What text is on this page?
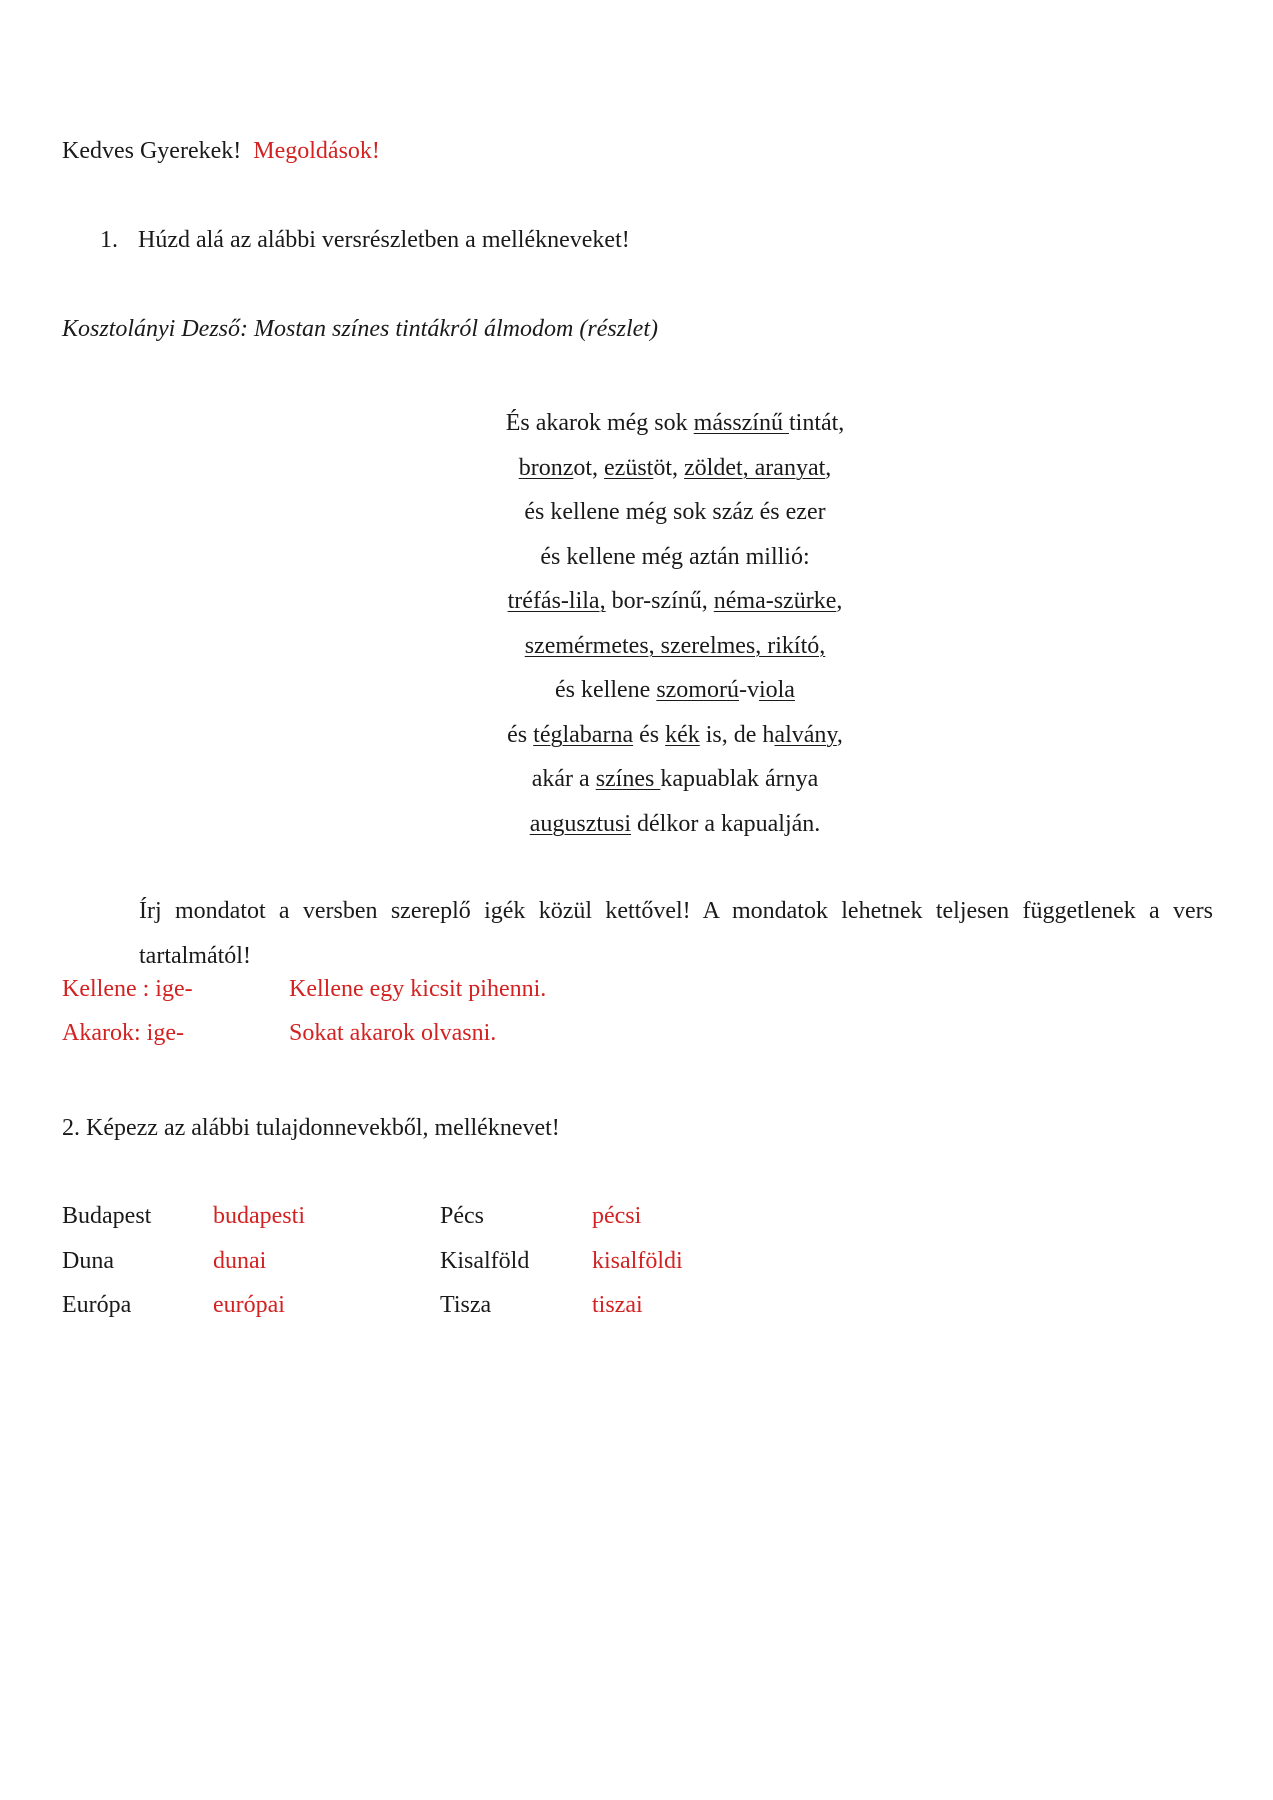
Kedves Gyerekek! Megoldások!
1. Húzd alá az alábbi versrészletben a mellékneveket!
Kosztolányi Dezső: Mostan színes tintákról álmodom (részlet)
És akarok még sok másszínű tintát,
bronzot, ezüstöt, zöldet, aranyat,
és kellene még sok száz és ezer
és kellene még aztán millió:
tréfás-lila, bor-színű, néma-szürke,
szemérmetes, szerelmes, rikító,
és kellene szomorú-viola
és téglabarna és kék is, de halvány,
akár a színes kapuablak árnya
augusztusi délkor a kapualján.
Írj mondatot a versben szereplő igék közül kettővel! A mondatok lehetnek teljesen függetlenek a vers tartalmától!
Kellene : ige-	Kellene egy kicsit pihenni.
Akarok: ige-	Sokat akarok olvasni.
2. Képezz az alábbi tulajdonnevekből, melléknevet!
Budapest	budapesti	Pécs	pécsi
Duna	dunai	Kisalföld	kisalföldi
Európa	európai	Tisza	tiszai
